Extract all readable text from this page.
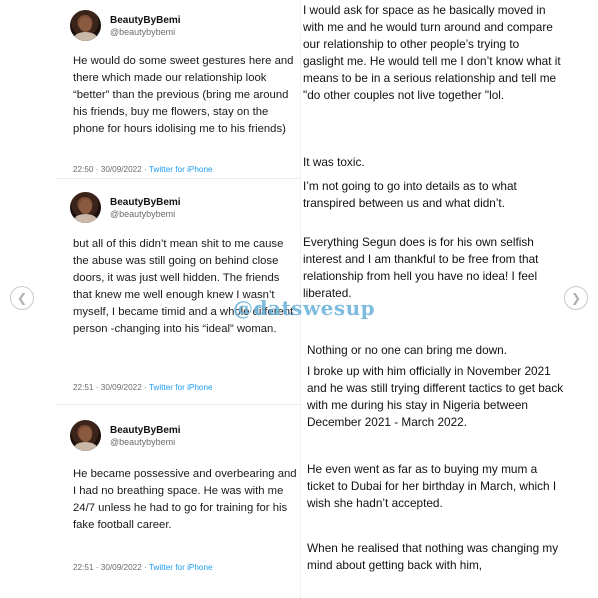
BeautyByBemi
@beautybybemi
He would do some sweet gestures here and there which made our relationship look “better” than the previous (bring me around his friends, buy me flowers, stay on the phone for hours idolising me to his friends)
22:50 · 30/09/2022 · Twitter for iPhone
BeautyByBemi
@beautybybemi
but all of this didn’t mean shit to me cause the abuse was still going on behind close doors, it was just well hidden. The friends that knew me well enough knew I wasn’t myself, I became timid and a whole different person -changing into his “ideal” woman.
22:51 · 30/09/2022 · Twitter for iPhone
BeautyByBemi
@beautybybemi
He became possessive and overbearing and I had no breathing space. He was with me 24/7 unless he had to go for training for his fake football career.
22:51 · 30/09/2022 · Twitter for iPhone
I would ask for space as he basically moved in with me and he would turn around and compare our relationship to other people’s trying to gaslight me. He would tell me I don’t know what it means to be in a serious relationship and tell me "do other couples not live together "lol.
It was toxic.
I’m not going to go into details as to what transpired between us and what didn’t.
Everything Segun does is for his own selfish interest and I am thankful to be free from that relationship from hell you have no idea! I feel liberated.
Nothing or no one can bring me down.
I broke up with him officially in November 2021 and he was still trying different tactics to get back with me during his stay in Nigeria between December 2021 - March 2022.
He even went as far as to buying my mum a ticket to Dubai for her birthday in March, which I wish she hadn’t accepted.
When he realised that nothing was changing my mind about getting back with him,
@datswesup
❮	❯
